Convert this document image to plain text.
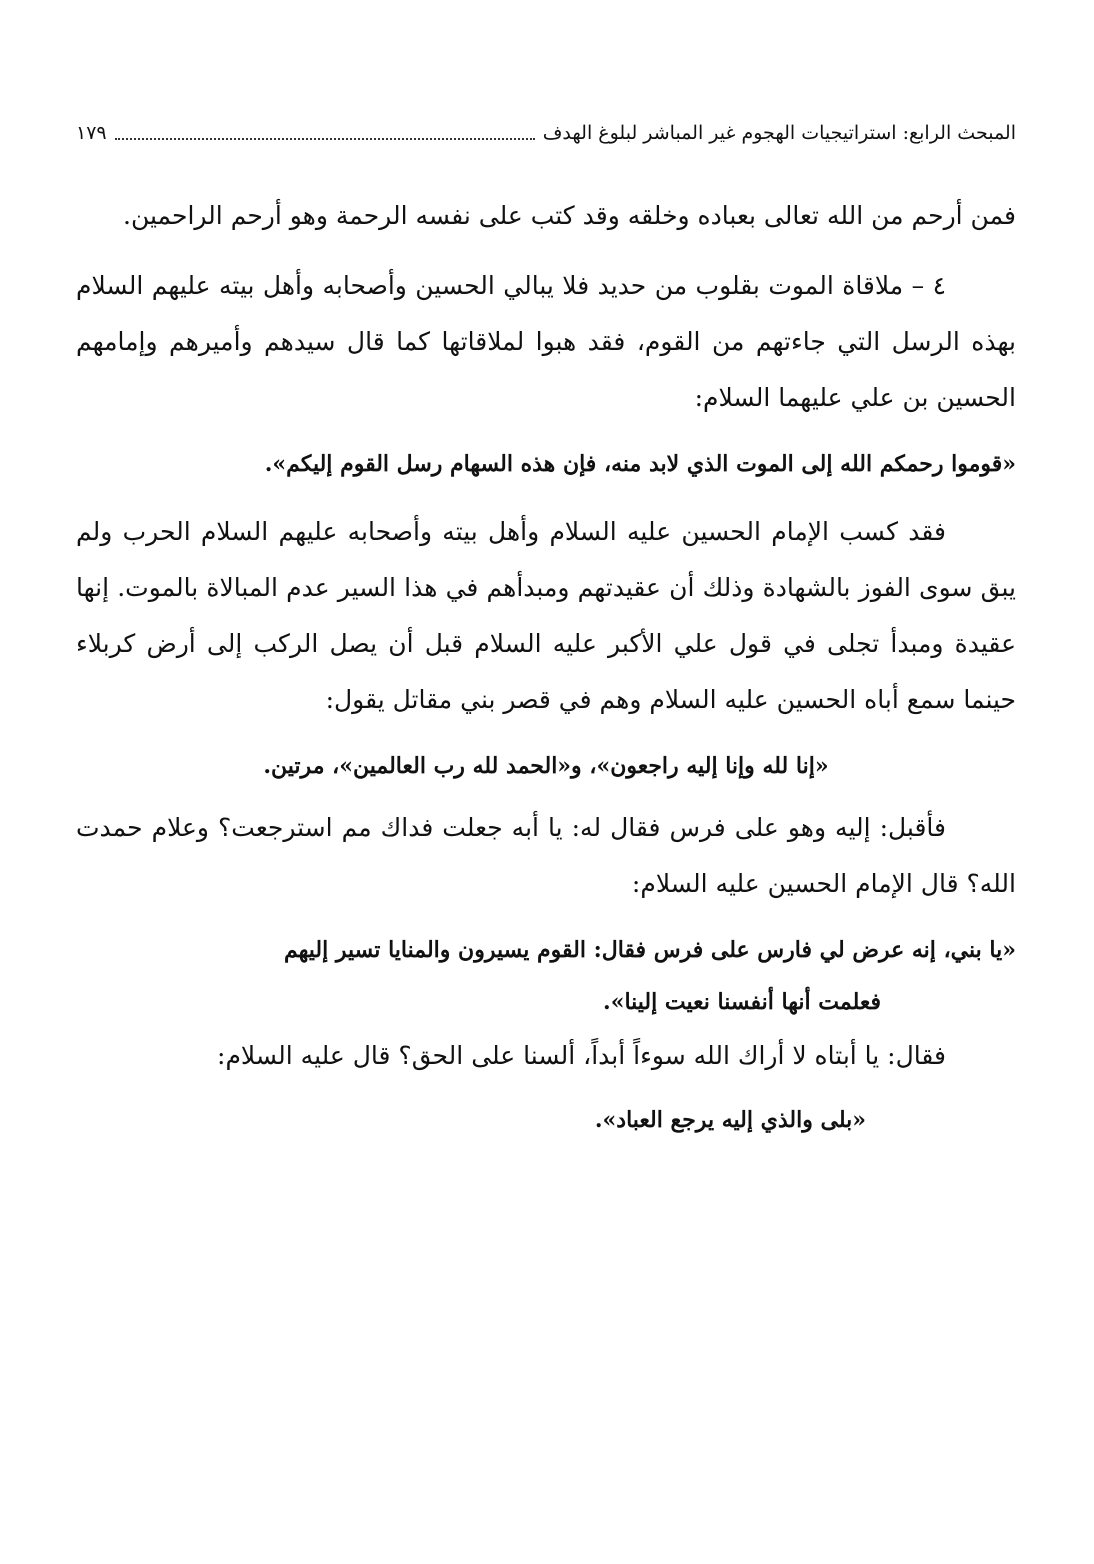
المبحث الرابع: استراتيجيات الهجوم غير المباشر لبلوغ الهدف
١٧٩

فمن أرحم من الله تعالى بعباده وخلقه وقد كتب على نفسه الرحمة وهو أرحم الراحمين.

٤ – ملاقاة الموت بقلوب من حديد فلا يبالي الحسين وأصحابه وأهل بيته عليهم السلام بهذه الرسل التي جاءتهم من القوم، فقد هبوا لملاقاتها كما قال سيدهم وأميرهم وإمامهم الحسين بن علي عليهما السلام:

«قوموا رحمكم الله إلى الموت الذي لابد منه، فإن هذه السهام رسل القوم إليكم».

فقد كسب الإمام الحسين عليه السلام وأهل بيته وأصحابه عليهم السلام الحرب ولم يبق سوى الفوز بالشهادة وذلك أن عقيدتهم ومبدأهم في هذا السير عدم المبالاة بالموت. إنها عقيدة ومبدأ تجلى في قول علي الأكبر عليه السلام قبل أن يصل الركب إلى أرض كربلاء حينما سمع أباه الحسين عليه السلام وهم في قصر بني مقاتل يقول:

«إنا لله وإنا إليه راجعون»، و«الحمد لله رب العالمين»، مرتين.

فأقبل: إليه وهو على فرس فقال له: يا أبه جعلت فداك مم استرجعت؟ وعلام حمدت الله؟ قال الإمام الحسين عليه السلام:

«يا بني، إنه عرض لي فارس على فرس فقال: القوم يسيرون والمنايا تسير إليهم

فعلمت أنها أنفسنا نعيت إلينا».

فقال: يا أبتاه لا أراك الله سوءاً أبداً، ألسنا على الحق؟ قال عليه السلام:

«بلى والذي إليه يرجع العباد».
